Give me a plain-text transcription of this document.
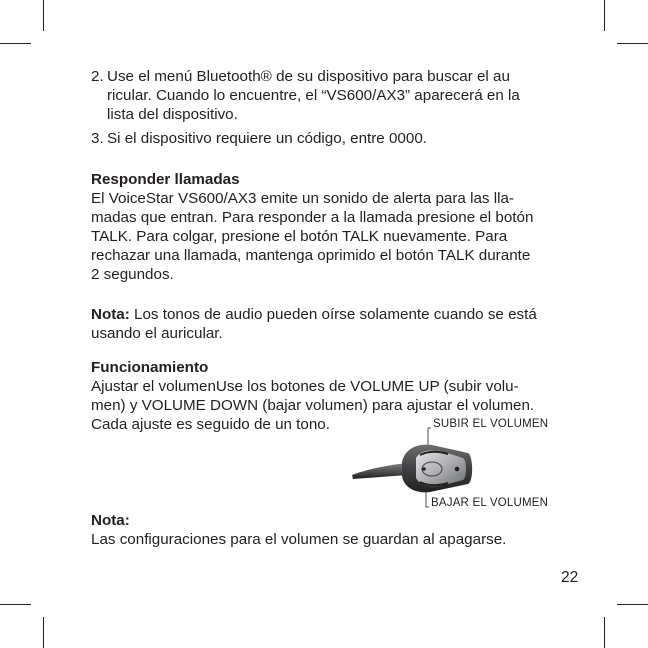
2. Use el menú Bluetooth® de su dispositivo para buscar el au
ricular. Cuando lo encuentre, el “VS600/AX3” aparecerá en la
lista del dispositivo.
3. Si el dispositivo requiere un código, entre 0000.
Responder llamadas
El VoiceStar VS600/AX3 emite un sonido de alerta para las lla-
madas que entran. Para responder a la llamada presione el botón
TALK. Para colgar, presione el botón TALK nuevamente. Para
rechazar una llamada, mantenga oprimido el botón TALK durante
2 segundos.
Nota: Los tonos de audio pueden oírse solamente cuando se está
usando el auricular.
Funcionamiento
Ajustar el volumenUse los botones de VOLUME UP (subir volu-
men) y VOLUME DOWN (bajar volumen) para ajustar el volumen.
Cada ajuste es seguido de un tono.	SUBIR EL VOLUMEN
BAJAR EL VOLUMEN
Nota:
Las configuraciones para el volumen se guardan al apagarse.
22
